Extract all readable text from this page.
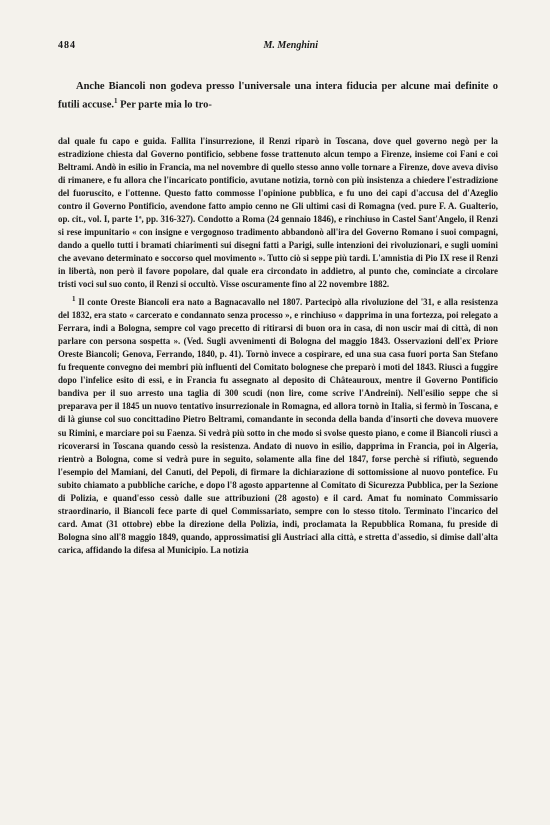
484	M. Menghini

Anche Biancoli non godeva presso l'universale una intera fiducia per alcune mai definite o futili accuse.$^1$ Per parte mia lo tro-

dal quale fu capo e guida. Fallita l'insurrezione, il Renzi riparò in Toscana, dove quel governo negò per la estradizione chiesta dal Governo pontificio, sebbene fosse trattenuto alcun tempo a Firenze, insieme coi Fani e coi Beltrami. Andò in esilio in Francia, ma nel novembre di quello stesso anno volle tornare a Firenze, dove aveva diviso di rimanere, e fu allora che l'incaricato pontificio, avutane notizia, tornò con più insistenza a chiedere l'estradizione del fuoruscito, e l'ottenne. Questo fatto commosse l'opinione pubblica, e fu uno dei capi d'accusa del d'Azeglio contro il Governo Pontificio, avendone fatto ampio cenno ne Gli ultimi casi di Romagna (ved. pure F. A. Gualterio, op. cit., vol. I, parte 1ª, pp. 316-327). Condotto a Roma (24 gennaio 1846), e rinchiuso in Castel Sant'Angelo, il Renzi si rese impunitario « con insigne e vergognoso tradimento abbandonò all'ira del Governo Romano i suoi compagni, dando a quello tutti i bramati chiarimenti sui disegni fatti a Parigi, sulle intenzioni dei rivoluzionari, e sugli uomini che avevano determinato e soccorso quel movimento ». Tutto ciò si seppe più tardi. L'amnistia di Pio IX rese il Renzi in libertà, non però il favore popolare, dal quale era circondato in addietro, al punto che, cominciate a circolare tristi voci sul suo conto, il Renzi si occultò. Visse oscuramente fino al 22 novembre 1882.

$^1$ Il conte Oreste Biancoli era nato a Bagnacavallo nel 1807. Partecipò alla rivoluzione del '31, e alla resistenza del 1832, era stato « carcerato e condannato senza processo », e rinchiuso « dapprima in una fortezza, poi relegato a Ferrara, indi a Bologna, sempre col vago precetto di ritirarsi di buon ora in casa, di non uscir mai di città, di non parlare con persona sospetta ». (Ved. Sugli avvenimenti di Bologna del maggio 1843. Osservazioni dell'ex Priore Oreste Biancoli; Genova, Ferrando, 1840, p. 41). Tornò invece a cospirare, ed una sua casa fuori porta San Stefano fu frequente convegno dei membri più influenti del Comitato bolognese che preparò i moti del 1843. Riuscì a fuggire dopo l'infelice esito di essi, e in Francia fu assegnato al deposito di Châteauroux, mentre il Governo Pontificio bandiva per il suo arresto una taglia di 300 scudi (non lire, come scrive l'Andreini). Nell'esilio seppe che si preparava per il 1845 un nuovo tentativo insurrezionale in Romagna, ed allora tornò in Italia, si fermò in Toscana, e di là giunse col suo concittadino Pietro Beltrami, comandante in seconda della banda d'insorti che doveva muovere su Rimini, e marciare poi su Faenza. Si vedrà più sotto in che modo si svolse questo piano, e come il Biancoli riuscì a ricoverarsi in Toscana quando cessò la resistenza. Andato di nuovo in esilio, dapprima in Francia, poi in Algeria, rientrò a Bologna, come si vedrà pure in seguito, solamente alla fine del 1847, forse perchè si rifiutò, seguendo l'esempio del Mamiani, del Canuti, del Pepoli, di firmare la dichiarazione di sottomissione al nuovo pontefice. Fu subito chiamato a pubbliche cariche, e dopo l'8 agosto appartenne al Comitato di Sicurezza Pubblica, per la Sezione di Polizia, e quand'esso cessò dalle sue attribuzioni (28 agosto) e il card. Amat fu nominato Commissario straordinario, il Biancoli fece parte di quel Commissariato, sempre con lo stesso titolo. Terminato l'incarico del card. Amat (31 ottobre) ebbe la direzione della Polizia, indi, proclamata la Repubblica Romana, fu preside di Bologna sino all'8 maggio 1849, quando, approssimatisi gli Austriaci alla città, e stretta d'assedio, si dimise dall'alta carica, affidando la difesa al Municipio. La notizia
